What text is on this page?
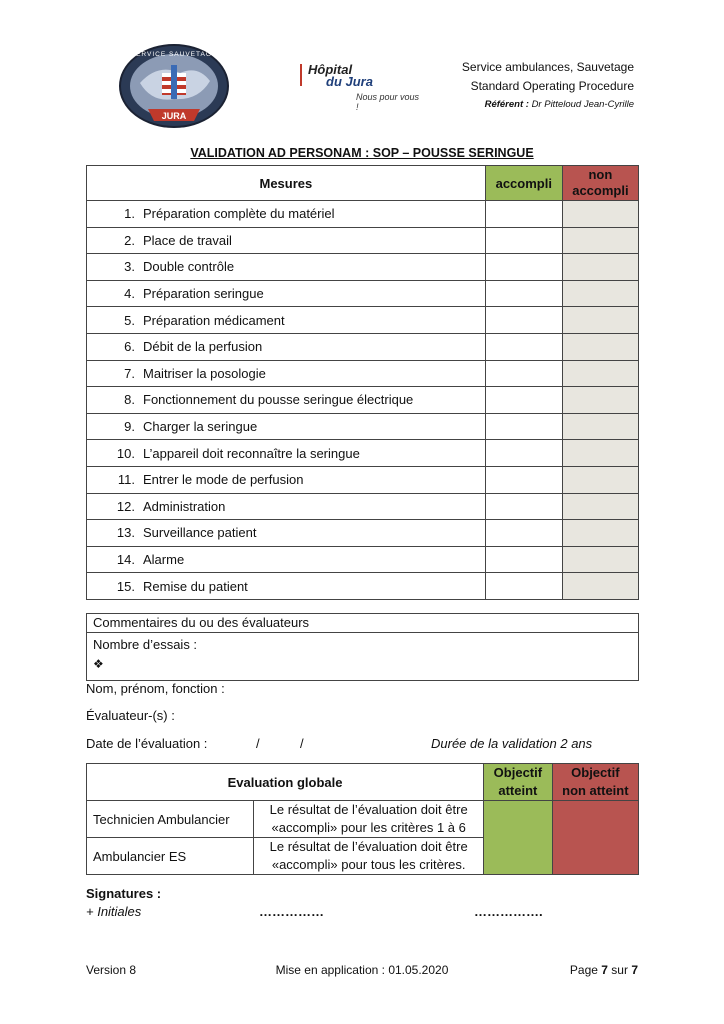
JURA
SERVICE SAUVETAGE
Hôpital
du Jura
Nous pour vous !
Service ambulances, Sauvetage
Standard Operating Procedure
Référent : Dr Pitteloud Jean-Cyrille
VALIDATION AD PERSONAM : SOP – POUSSE SERINGUE
Mesures	accompli	non
accompli
1. Préparation complète du matériel		
2. Place de travail		
3. Double contrôle		
4. Préparation seringue		
5. Préparation médicament		
6. Débit de la perfusion		
7. Maitriser la posologie		
8. Fonctionnement du pousse seringue électrique		
9. Charger la seringue		
10. L’appareil doit reconnaître la seringue		
11. Entrer le mode de perfusion		
12. Administration		
13. Surveillance patient		
14. Alarme		
15. Remise du patient		
Commentaires du ou des évaluateurs
Nombre d’essais :
❖
Nom, prénom, fonction :
Évaluateur-(s) :
Date de l’évaluation :	/	/	Durée de la validation 2 ans
Evaluation globale		Objectif
atteint	Objectif
non atteint
Technicien Ambulancier	Le résultat de l’évaluation doit être
«accompli» pour les critères 1 à 6		
Ambulancier ES	Le résultat de l’évaluation doit être
«accompli» pour tous les critères.		
Signatures :
+ Initiales	……………	…………….
Version 8	Mise en application : 01.05.2020	Page 7 sur 7
